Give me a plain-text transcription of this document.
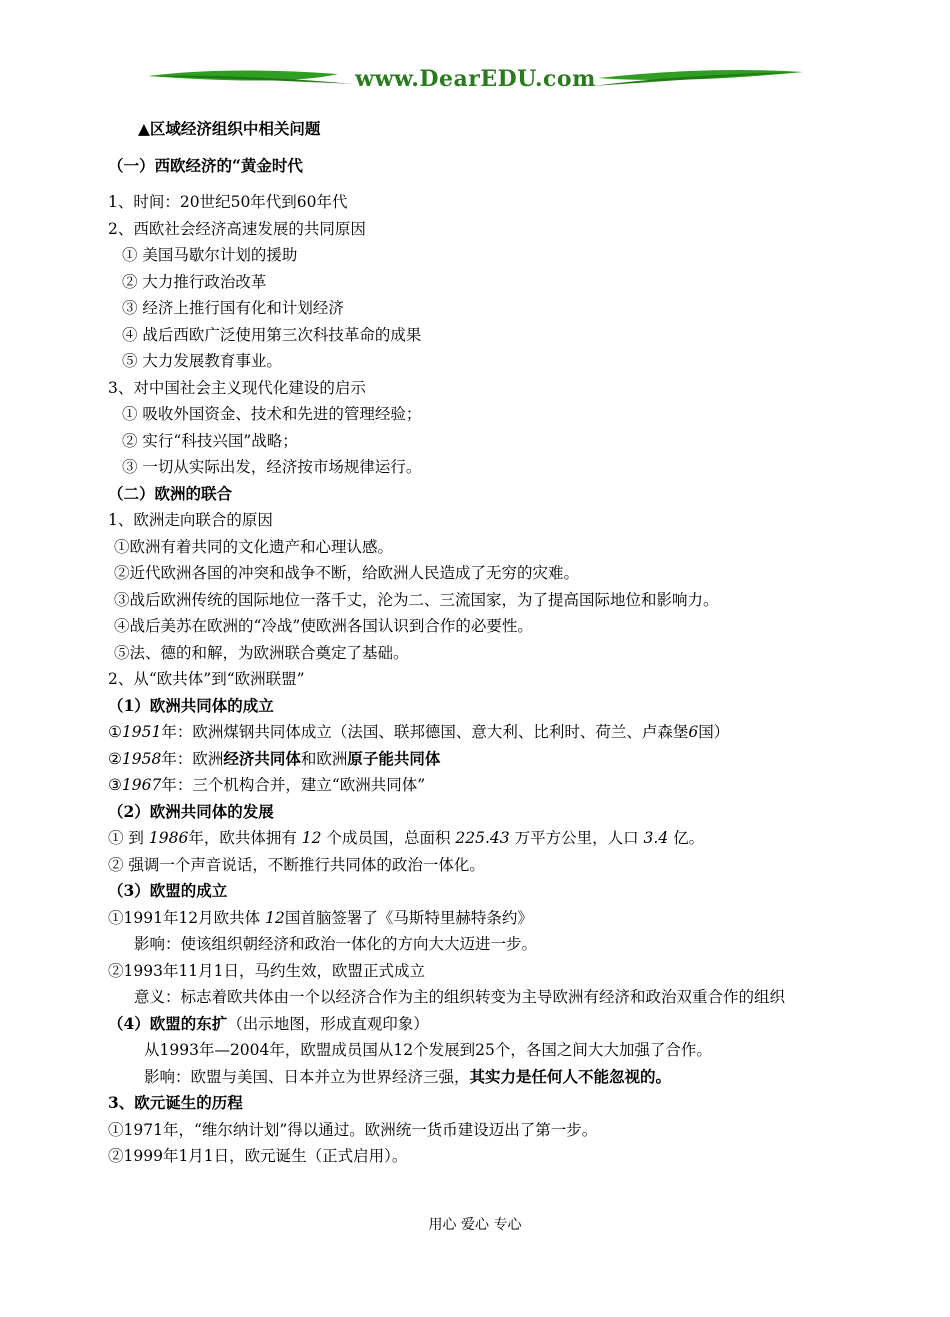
www.DearEDU.com
▲区域经济组织中相关问题
（一）西欧经济的“黄金时代
1、时间：20世纪50年代到60年代
2、西欧社会经济高速发展的共同原因
① 美国马歇尔计划的援助
② 大力推行政治改革
③ 经济上推行国有化和计划经济
④ 战后西欧广泛使用第三次科技革命的成果
⑤ 大力发展教育事业。
3、对中国社会主义现代化建设的启示
① 吸收外国资金、技术和先进的管理经验；
② 实行“科技兴国”战略；
③ 一切从实际出发，经济按市场规律运行。
（二）欧洲的联合
1、欧洲走向联合的原因
①欧洲有着共同的文化遗产和心理认感。
②近代欧洲各国的冲突和战争不断，给欧洲人民造成了无穷的灾难。
③战后欧洲传统的国际地位一落千丈，沦为二、三流国家，为了提高国际地位和影响力。
④战后美苏在欧洲的“冷战”使欧洲各国认识到合作的必要性。
⑤法、德的和解，为欧洲联合奠定了基础。
2、从“欧共体”到“欧洲联盟”
（1）欧洲共同体的成立
①1951年：欧洲煤钢共同体成立（法国、联邦德国、意大利、比利时、荷兰、卢森堡6国）
②1958年：欧洲经济共同体和欧洲原子能共同体
③1967年：三个机构合并，建立“欧洲共同体”
（2）欧洲共同体的发展
① 到 1986年，欧共体拥有 12 个成员国，总面积 225.43 万平方公里，人口 3.4 亿。
② 强调一个声音说话，不断推行共同体的政治一体化。
（3）欧盟的成立
①1991年12月欧共体 12国首脑签署了《马斯特里赫特条约》
影响：使该组织朝经济和政治一体化的方向大大迈进一步。
②1993年11月1日，马约生效，欧盟正式成立
意义：标志着欧共体由一个以经济合作为主的组织转变为主导欧洲有经济和政治双重合作的组织
（4）欧盟的东扩（出示地图，形成直观印象）
从1993年—2004年，欧盟成员国从12个发展到25个，各国之间大大加强了合作。
影响：欧盟与美国、日本并立为世界经济三强，其实力是任何人不能忽视的。
3、欧元诞生的历程
①1971年，“维尔纳计划”得以通过。欧洲统一货币建设迈出了第一步。
②1999年1月1日，欧元诞生（正式启用）。
用心 爱心 专心
